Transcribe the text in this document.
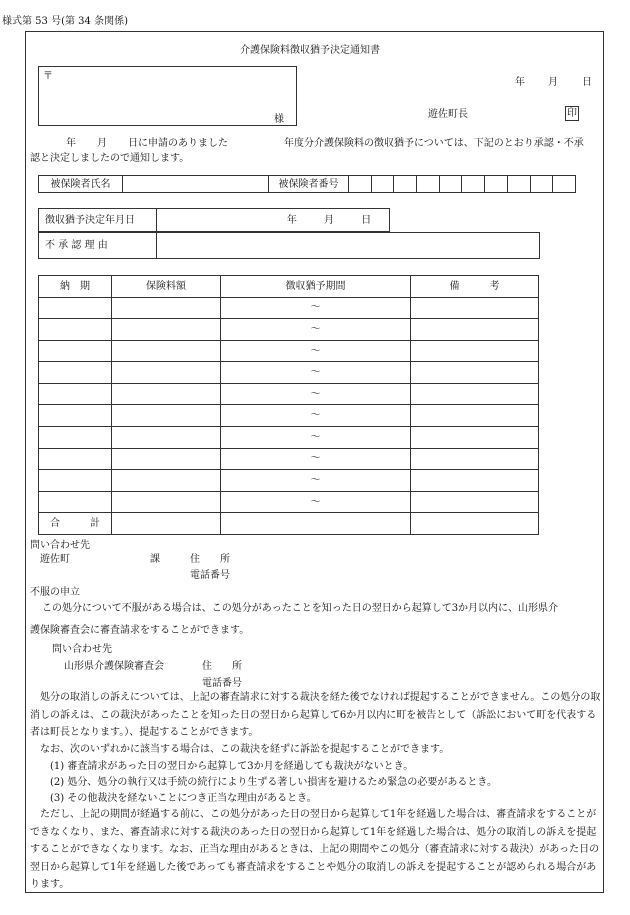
様式第 53 号(第 34 条関係)
介護保険料徴収猶予決定通知書
〒
様
年 月 日
遊佐町長	印
年 月 日に申請のありました	年度分介護保険料の徴収猶予については、下記のとおり承認・不承
認と決定しましたので通知します。
被保険者氏名		被保険者番号										
徴収猶予決定年月日	年	月	日
不 承 認 理 由	
納　期	保険料額	徴収猶予期間	備　　　考
		～	
		～	
		～	
		～	
		～	
		～	
		～	
		～	
		～	
		～	
合　　　計			
問い合わせ先
遊佐町	課	住　　所
電話番号
不服の申立
この処分について不服がある場合は、この処分があったことを知った日の翌日から起算して3か月以内に、山形県介
護保険審査会に審査請求をすることができます。
問い合わせ先
山形県介護保険審査会	住　　所
電話番号
処分の取消しの訴えについては、上記の審査請求に対する裁決を経た後でなければ提起することができません。この処分の取消しの訴えは、この裁決があったことを知った日の翌日から起算して6か月以内に町を被告として（訴訟において町を代表する者は町長となります。）、提起することができます。
なお、次のいずれかに該当する場合は、この裁決を経ずに訴訟を提起することができます。
(1) 審査請求があった日の翌日から起算して3か月を経過しても裁決がないとき。
(2) 処分、処分の執行又は手続の続行により生ずる著しい損害を避けるため緊急の必要があるとき。
(3) その他裁決を経ないことにつき正当な理由があるとき。
ただし、上記の期間が経過する前に、この処分があった日の翌日から起算して1年を経過した場合は、審査請求をすることができなくなり、また、審査請求に対する裁決のあった日の翌日から起算して1年を経過した場合は、処分の取消しの訴えを提起することができなくなります。なお、正当な理由があるときは、上記の期間やこの処分（審査請求に対する裁決）があった日の翌日から起算して1年を経過した後であっても審査請求をすることや処分の取消しの訴えを提起することが認められる場合があります。
